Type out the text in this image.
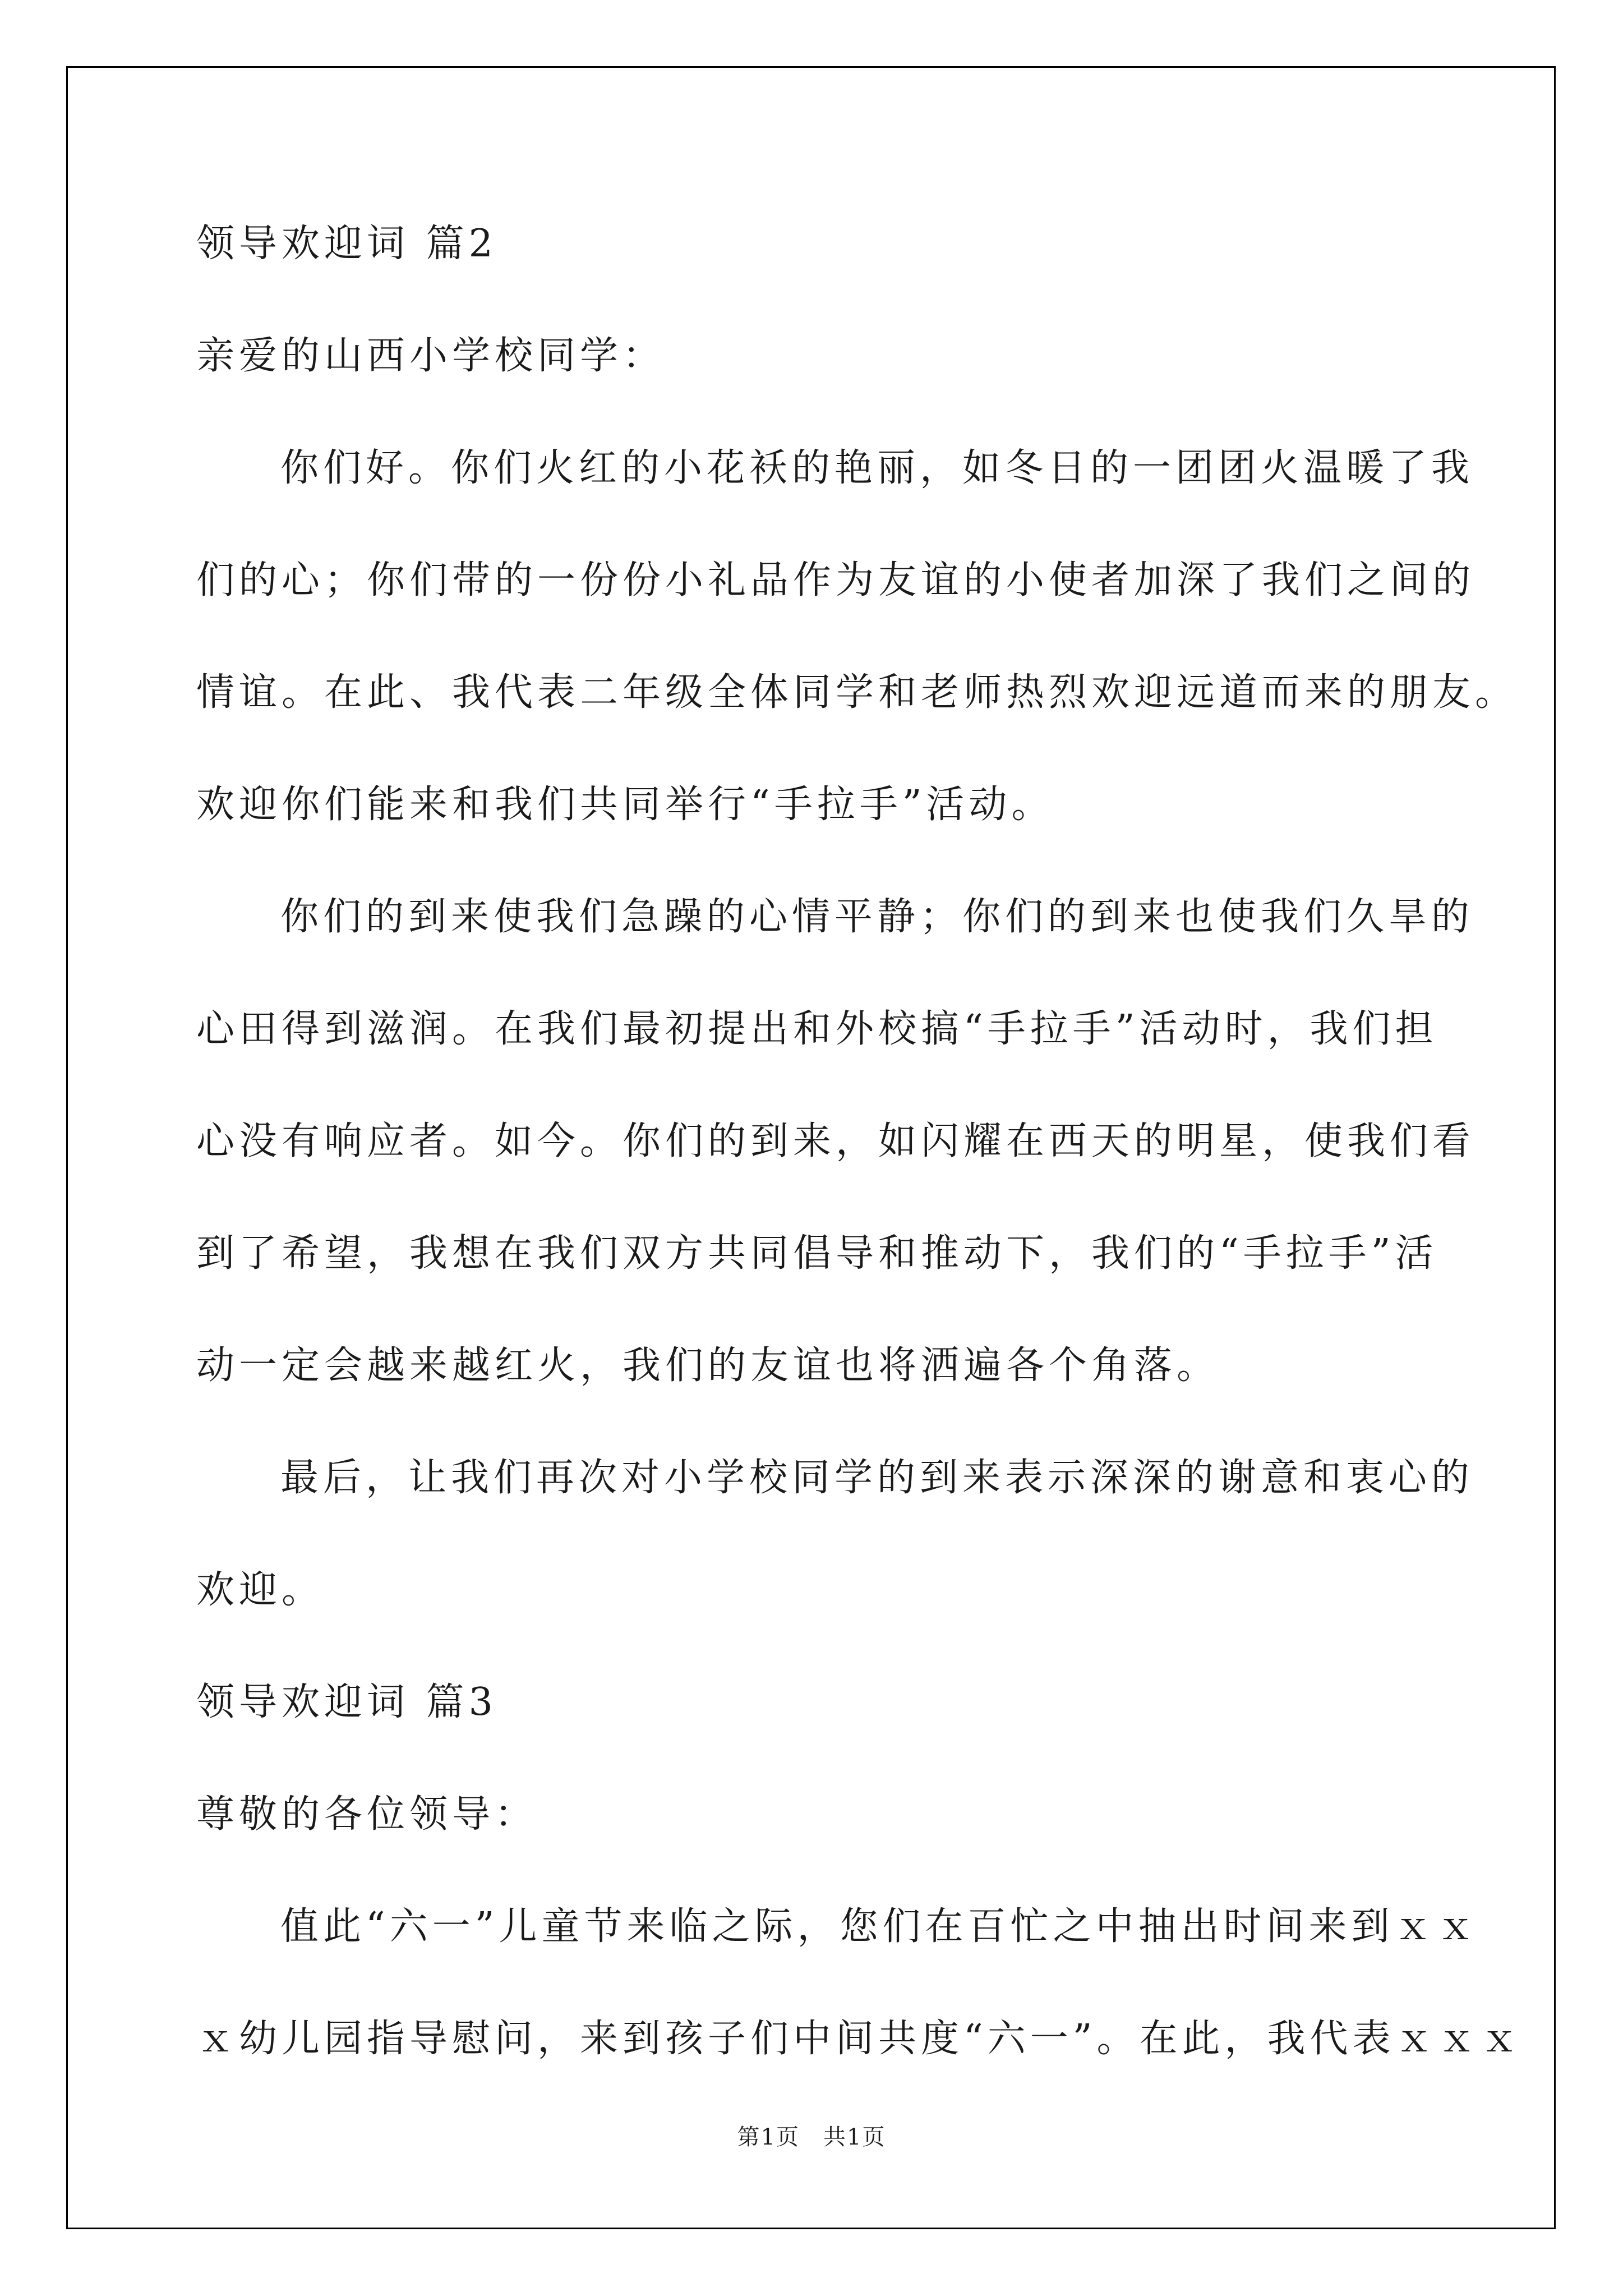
领导欢迎词 篇2
亲爱的山西小学校同学：
你们好。你们火红的小花袄的艳丽，如冬日的一团团火温暖了我
们的心；你们带的一份份小礼品作为友谊的小使者加深了我们之间的
情谊。在此、我代表二年级全体同学和老师热烈欢迎远道而来的朋友。
欢迎你们能来和我们共同举行“手拉手”活动。
你们的到来使我们急躁的心情平静；你们的到来也使我们久旱的
心田得到滋润。在我们最初提出和外校搞“手拉手”活动时，我们担
心没有响应者。如今。你们的到来，如闪耀在西天的明星，使我们看
到了希望，我想在我们双方共同倡导和推动下，我们的“手拉手”活
动一定会越来越红火，我们的友谊也将洒遍各个角落。
最后，让我们再次对小学校同学的到来表示深深的谢意和衷心的
欢迎。
领导欢迎词 篇3
尊敬的各位领导：
值此“六一”儿童节来临之际，您们在百忙之中抽出时间来到ｘｘ
ｘ幼儿园指导慰问，来到孩子们中间共度“六一”。在此，我代表ｘｘｘ
第1页　共1页
